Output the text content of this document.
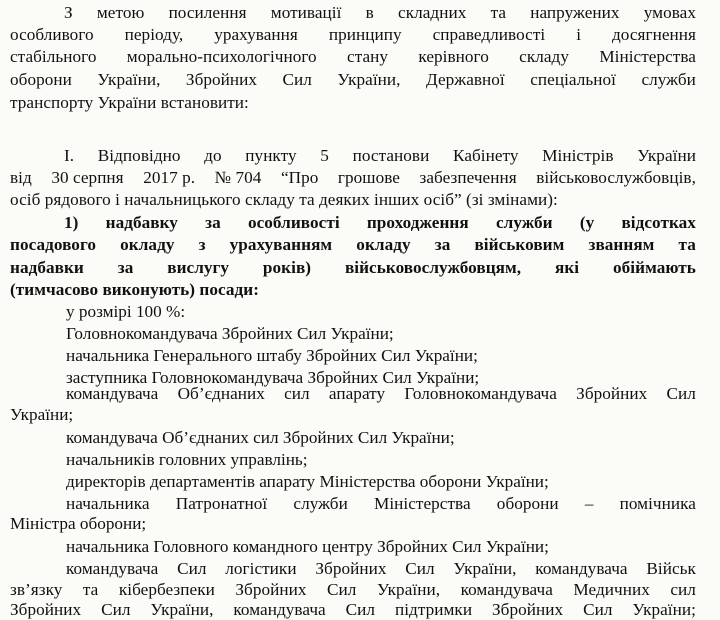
З метою посилення мотивації в складних та напружених умовах
особливого періоду, урахування принципу справедливості і досягнення
стабільного морально-психологічного стану керівного складу Міністерства
оборони України, Збройних Сил України, Державної спеціальної служби
транспорту України встановити:
I. Відповідно до пункту 5 постанови Кабінету Міністрів України
від 30 серпня 2017 р. № 704 “Про грошове забезпечення військовослужбовців,
осіб рядового і начальницького складу та деяких інших осіб” (зі змінами):
1) надбавку за особливості проходження служби (у відсотках
посадового окладу з урахуванням окладу за військовим званням та
надбавки за вислугу років) військовослужбовцям, які обіймають
(тимчасово виконують) посади:
у розмірі 100 %:
Головнокомандувача Збройних Сил України;
начальника Генерального штабу Збройних Сил України;
заступника Головнокомандувача Збройних Сил України;
командувача Об’єднаних сил апарату Головнокомандувача Збройних Сил
України;
командувача Об’єднаних сил Збройних Сил України;
начальників головних управлінь;
директорів департаментів апарату Міністерства оборони України;
начальника Патронатної служби Міністерства оборони – помічника
Міністра оборони;
начальника Головного командного центру Збройних Сил України;
командувача Сил логістики Збройних Сил України, командувача Військ
зв’язку та кібербезпеки Збройних Сил України, командувача Медичних сил
Збройних Сил України, командувача Сил підтримки Збройних Сил України;
